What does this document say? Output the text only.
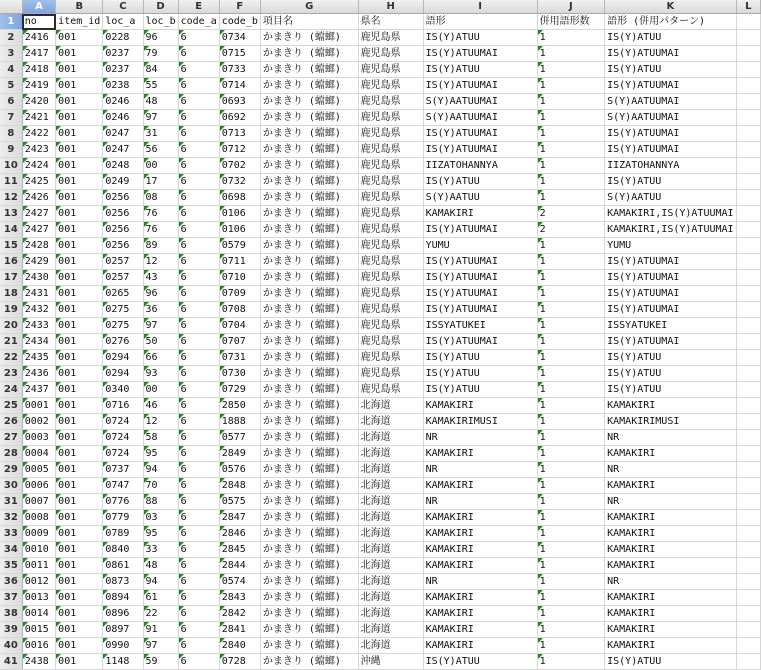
	A	B	C	D	E	F	G	H	I	J	K	L
1	no	item_id	loc_a	loc_b	code_a	code_b	項目名	県名	語形	併用語形数	語形 (併用パターン)	
2	2416	001	0228	96	6	0734	かまきり (蟷螂)	鹿児島県	IS(Y)ATUU	1	IS(Y)ATUU	
3	2417	001	0237	79	6	0715	かまきり (蟷螂)	鹿児島県	IS(Y)ATUUMAI	1	IS(Y)ATUUMAI	
4	2418	001	0237	84	6	0733	かまきり (蟷螂)	鹿児島県	IS(Y)ATUU	1	IS(Y)ATUU	
5	2419	001	0238	55	6	0714	かまきり (蟷螂)	鹿児島県	IS(Y)ATUUMAI	1	IS(Y)ATUUMAI	
6	2420	001	0246	48	6	0693	かまきり (蟷螂)	鹿児島県	S(Y)AATUUMAI	1	S(Y)AATUUMAI	
7	2421	001	0246	97	6	0692	かまきり (蟷螂)	鹿児島県	S(Y)AATUUMAI	1	S(Y)AATUUMAI	
8	2422	001	0247	31	6	0713	かまきり (蟷螂)	鹿児島県	IS(Y)ATUUMAI	1	IS(Y)ATUUMAI	
9	2423	001	0247	56	6	0712	かまきり (蟷螂)	鹿児島県	IS(Y)ATUUMAI	1	IS(Y)ATUUMAI	
10	2424	001	0248	00	6	0702	かまきり (蟷螂)	鹿児島県	IIZATOHANNYA	1	IIZATOHANNYA	
11	2425	001	0249	17	6	0732	かまきり (蟷螂)	鹿児島県	IS(Y)ATUU	1	IS(Y)ATUU	
12	2426	001	0256	08	6	0698	かまきり (蟷螂)	鹿児島県	S(Y)AATUU	1	S(Y)AATUU	
13	2427	001	0256	76	6	0106	かまきり (蟷螂)	鹿児島県	KAMAKIRI	2	KAMAKIRI,IS(Y)ATUUMAI	
14	2427	001	0256	76	6	0106	かまきり (蟷螂)	鹿児島県	IS(Y)ATUUMAI	2	KAMAKIRI,IS(Y)ATUUMAI	
15	2428	001	0256	89	6	0579	かまきり (蟷螂)	鹿児島県	YUMU	1	YUMU	
16	2429	001	0257	12	6	0711	かまきり (蟷螂)	鹿児島県	IS(Y)ATUUMAI	1	IS(Y)ATUUMAI	
17	2430	001	0257	43	6	0710	かまきり (蟷螂)	鹿児島県	IS(Y)ATUUMAI	1	IS(Y)ATUUMAI	
18	2431	001	0265	96	6	0709	かまきり (蟷螂)	鹿児島県	IS(Y)ATUUMAI	1	IS(Y)ATUUMAI	
19	2432	001	0275	36	6	0708	かまきり (蟷螂)	鹿児島県	IS(Y)ATUUMAI	1	IS(Y)ATUUMAI	
20	2433	001	0275	97	6	0704	かまきり (蟷螂)	鹿児島県	ISSYATUKEI	1	ISSYATUKEI	
21	2434	001	0276	50	6	0707	かまきり (蟷螂)	鹿児島県	IS(Y)ATUUMAI	1	IS(Y)ATUUMAI	
22	2435	001	0294	66	6	0731	かまきり (蟷螂)	鹿児島県	IS(Y)ATUU	1	IS(Y)ATUU	
23	2436	001	0294	93	6	0730	かまきり (蟷螂)	鹿児島県	IS(Y)ATUU	1	IS(Y)ATUU	
24	2437	001	0340	00	6	0729	かまきり (蟷螂)	鹿児島県	IS(Y)ATUU	1	IS(Y)ATUU	
25	0001	001	0716	46	6	2850	かまきり (蟷螂)	北海道	KAMAKIRI	1	KAMAKIRI	
26	0002	001	0724	12	6	1888	かまきり (蟷螂)	北海道	KAMAKIRIMUSI	1	KAMAKIRIMUSI	
27	0003	001	0724	58	6	0577	かまきり (蟷螂)	北海道	NR	1	NR	
28	0004	001	0724	95	6	2849	かまきり (蟷螂)	北海道	KAMAKIRI	1	KAMAKIRI	
29	0005	001	0737	94	6	0576	かまきり (蟷螂)	北海道	NR	1	NR	
30	0006	001	0747	70	6	2848	かまきり (蟷螂)	北海道	KAMAKIRI	1	KAMAKIRI	
31	0007	001	0776	88	6	0575	かまきり (蟷螂)	北海道	NR	1	NR	
32	0008	001	0779	03	6	2847	かまきり (蟷螂)	北海道	KAMAKIRI	1	KAMAKIRI	
33	0009	001	0789	95	6	2846	かまきり (蟷螂)	北海道	KAMAKIRI	1	KAMAKIRI	
34	0010	001	0840	33	6	2845	かまきり (蟷螂)	北海道	KAMAKIRI	1	KAMAKIRI	
35	0011	001	0861	48	6	2844	かまきり (蟷螂)	北海道	KAMAKIRI	1	KAMAKIRI	
36	0012	001	0873	94	6	0574	かまきり (蟷螂)	北海道	NR	1	NR	
37	0013	001	0894	61	6	2843	かまきり (蟷螂)	北海道	KAMAKIRI	1	KAMAKIRI	
38	0014	001	0896	22	6	2842	かまきり (蟷螂)	北海道	KAMAKIRI	1	KAMAKIRI	
39	0015	001	0897	91	6	2841	かまきり (蟷螂)	北海道	KAMAKIRI	1	KAMAKIRI	
40	0016	001	0990	97	6	2840	かまきり (蟷螂)	北海道	KAMAKIRI	1	KAMAKIRI	
41	2438	001	1148	59	6	0728	かまきり (蟷螂)	沖縄	IS(Y)ATUU	1	IS(Y)ATUU	
